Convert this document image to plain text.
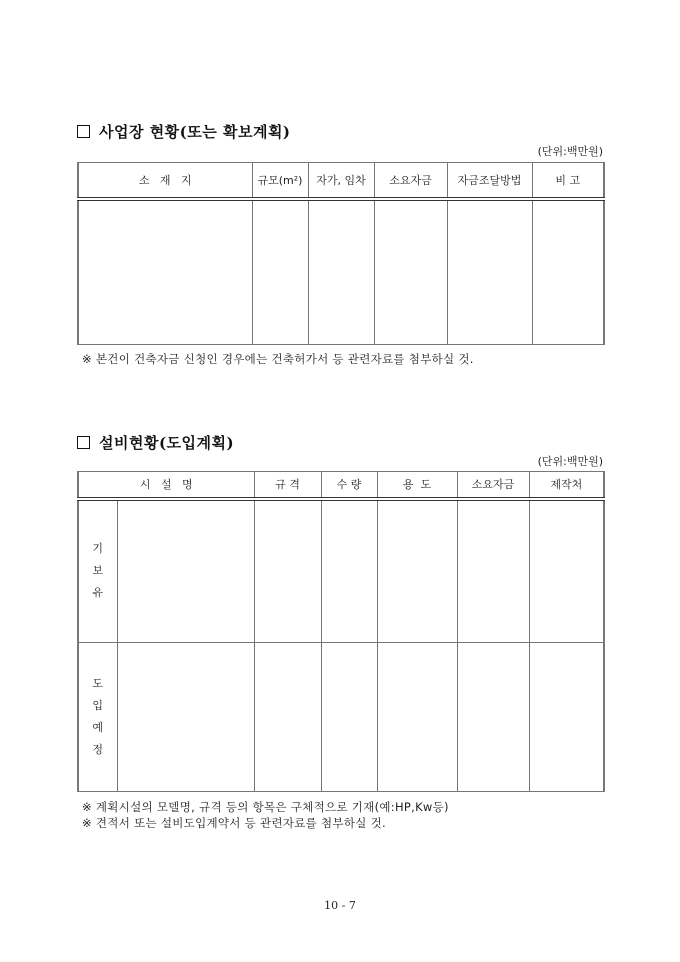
사업장 현황(또는 확보계획)
(단위:백만원)
소   재   지	규모(m²)	자가, 임차	소요자금	자금조달방법	비 고

※ 본건이 건축자금 신청인 경우에는 건축허가서 등 관련자료를 첨부하실 것.
설비현황(도입계획)
(단위:백만원)
시   설   명		규 격	수 량	용  도	소요자금	제작처

기
보
유						

도
입
예
정						

※ 계획시설의 모델명, 규격 등의 항목은 구체적으로 기재(예:HP,Kw등)
※ 견적서 또는 설비도입계약서 등 관련자료를 첨부하실 것.
10 - 7
